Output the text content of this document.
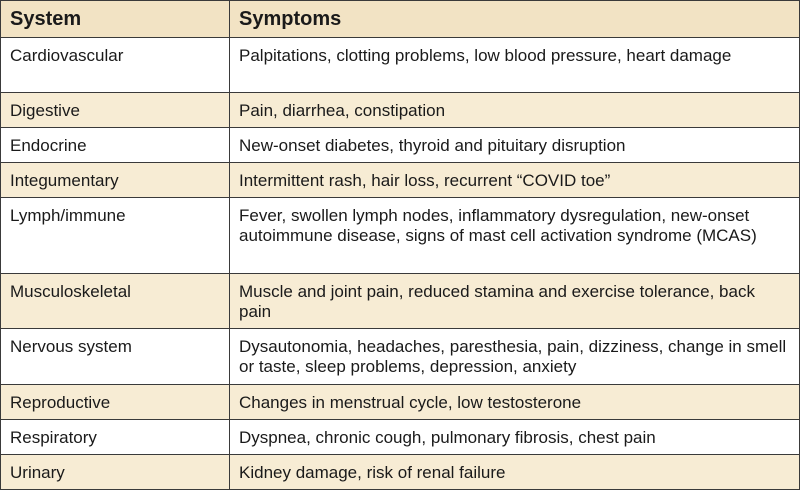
System	Symptoms
Cardiovascular	Palpitations, clotting problems, low blood pressure, heart damage
Digestive	Pain, diarrhea, constipation
Endocrine	New-onset diabetes, thyroid and pituitary disruption
Integumentary	Intermittent rash, hair loss, recurrent “COVID toe”
Lymph/immune	Fever, swollen lymph nodes, inflammatory dysregulation, new-onset autoimmune disease, signs of mast cell activation syndrome (MCAS)
Musculoskeletal	Muscle and joint pain, reduced stamina and exercise tolerance, back pain
Nervous system	Dysautonomia, headaches, paresthesia, pain, dizziness, change in smell or taste, sleep problems, depression, anxiety
Reproductive	Changes in menstrual cycle, low testosterone
Respiratory	Dyspnea, chronic cough, pulmonary fibrosis, chest pain
Urinary	Kidney damage, risk of renal failure
